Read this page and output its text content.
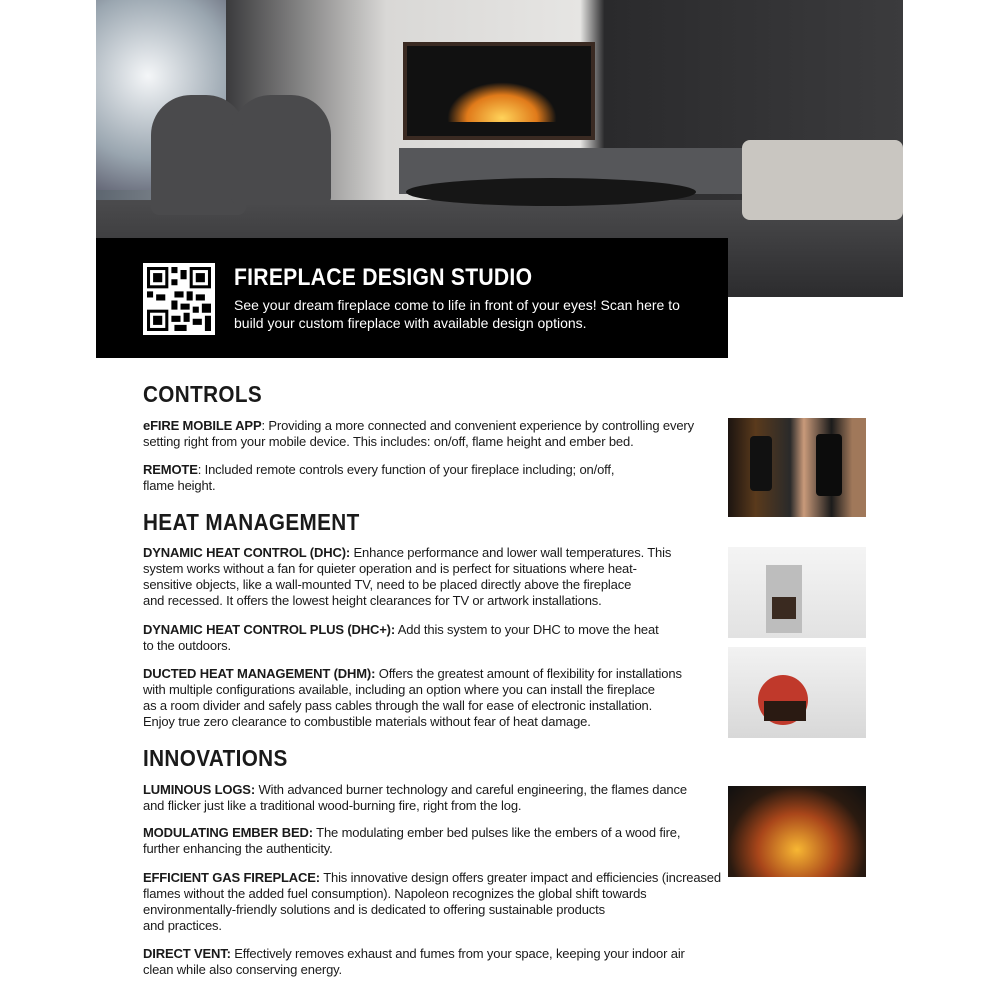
FIREPLACE DESIGN STUDIO
See your dream fireplace come to life in front of your eyes! Scan here to
build your custom fireplace with available design options.
CONTROLS
eFIRE MOBILE APP: Providing a more connected and convenient experience by controlling every
setting right from your mobile device. This includes: on/off, flame height and ember bed.
REMOTE: Included remote controls every function of your fireplace including; on/off,
flame height.
HEAT MANAGEMENT
DYNAMIC HEAT CONTROL (DHC): Enhance performance and lower wall temperatures. This
system works without a fan for quieter operation and is perfect for situations where heat-
sensitive objects, like a wall-mounted TV, need to be placed directly above the fireplace
and recessed. It offers the lowest height clearances for TV or artwork installations.
DYNAMIC HEAT CONTROL PLUS (DHC+): Add this system to your DHC to move the heat
to the outdoors.
DUCTED HEAT MANAGEMENT (DHM): Offers the greatest amount of flexibility for installations
with multiple configurations available, including an option where you can install the fireplace
as a room divider and safely pass cables through the wall for ease of electronic installation.
Enjoy true zero clearance to combustible materials without fear of heat damage.
INNOVATIONS
LUMINOUS LOGS: With advanced burner technology and careful engineering, the flames dance
and flicker just like a traditional wood-burning fire, right from the log.
MODULATING EMBER BED: The modulating ember bed pulses like the embers of a wood fire,
further enhancing the authenticity.
EFFICIENT GAS FIREPLACE: This innovative design offers greater impact and efficiencies (increased
flames without the added fuel consumption). Napoleon recognizes the global shift towards
environmentally-friendly solutions and is dedicated to offering sustainable products
and practices.
DIRECT VENT: Effectively removes exhaust and fumes from your space, keeping your indoor air
clean while also conserving energy.
